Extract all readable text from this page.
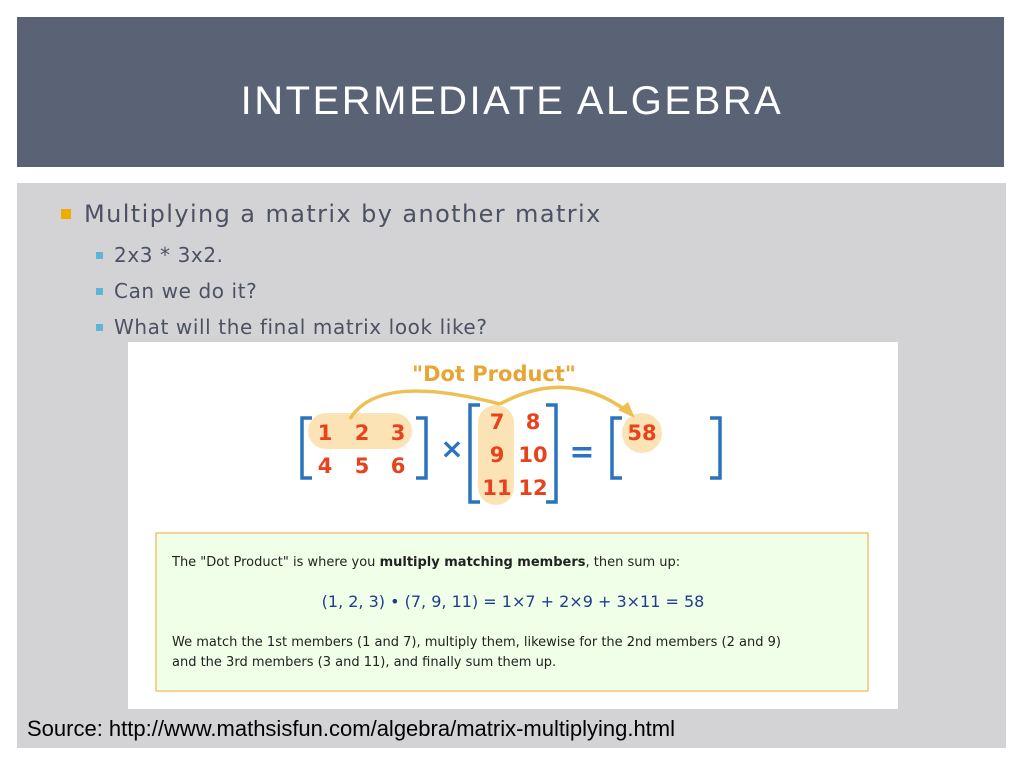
INTERMEDIATE ALGEBRA
Multiplying a matrix by another matrix
2x3 * 3x2.
Can we do it?
What will the final matrix look like?
"Dot Product"
1 2 3
4 5 6
×
7 8
9 10
11 12
=
58
The "Dot Product" is where you multiply matching members, then sum up:
(1, 2, 3) • (7, 9, 11) = 1×7 + 2×9 + 3×11 = 58
We match the 1st members (1 and 7), multiply them, likewise for the 2nd members (2 and 9)
and the 3rd members (3 and 11), and finally sum them up.
Source: http://www.mathsisfun.com/algebra/matrix-multiplying.html
